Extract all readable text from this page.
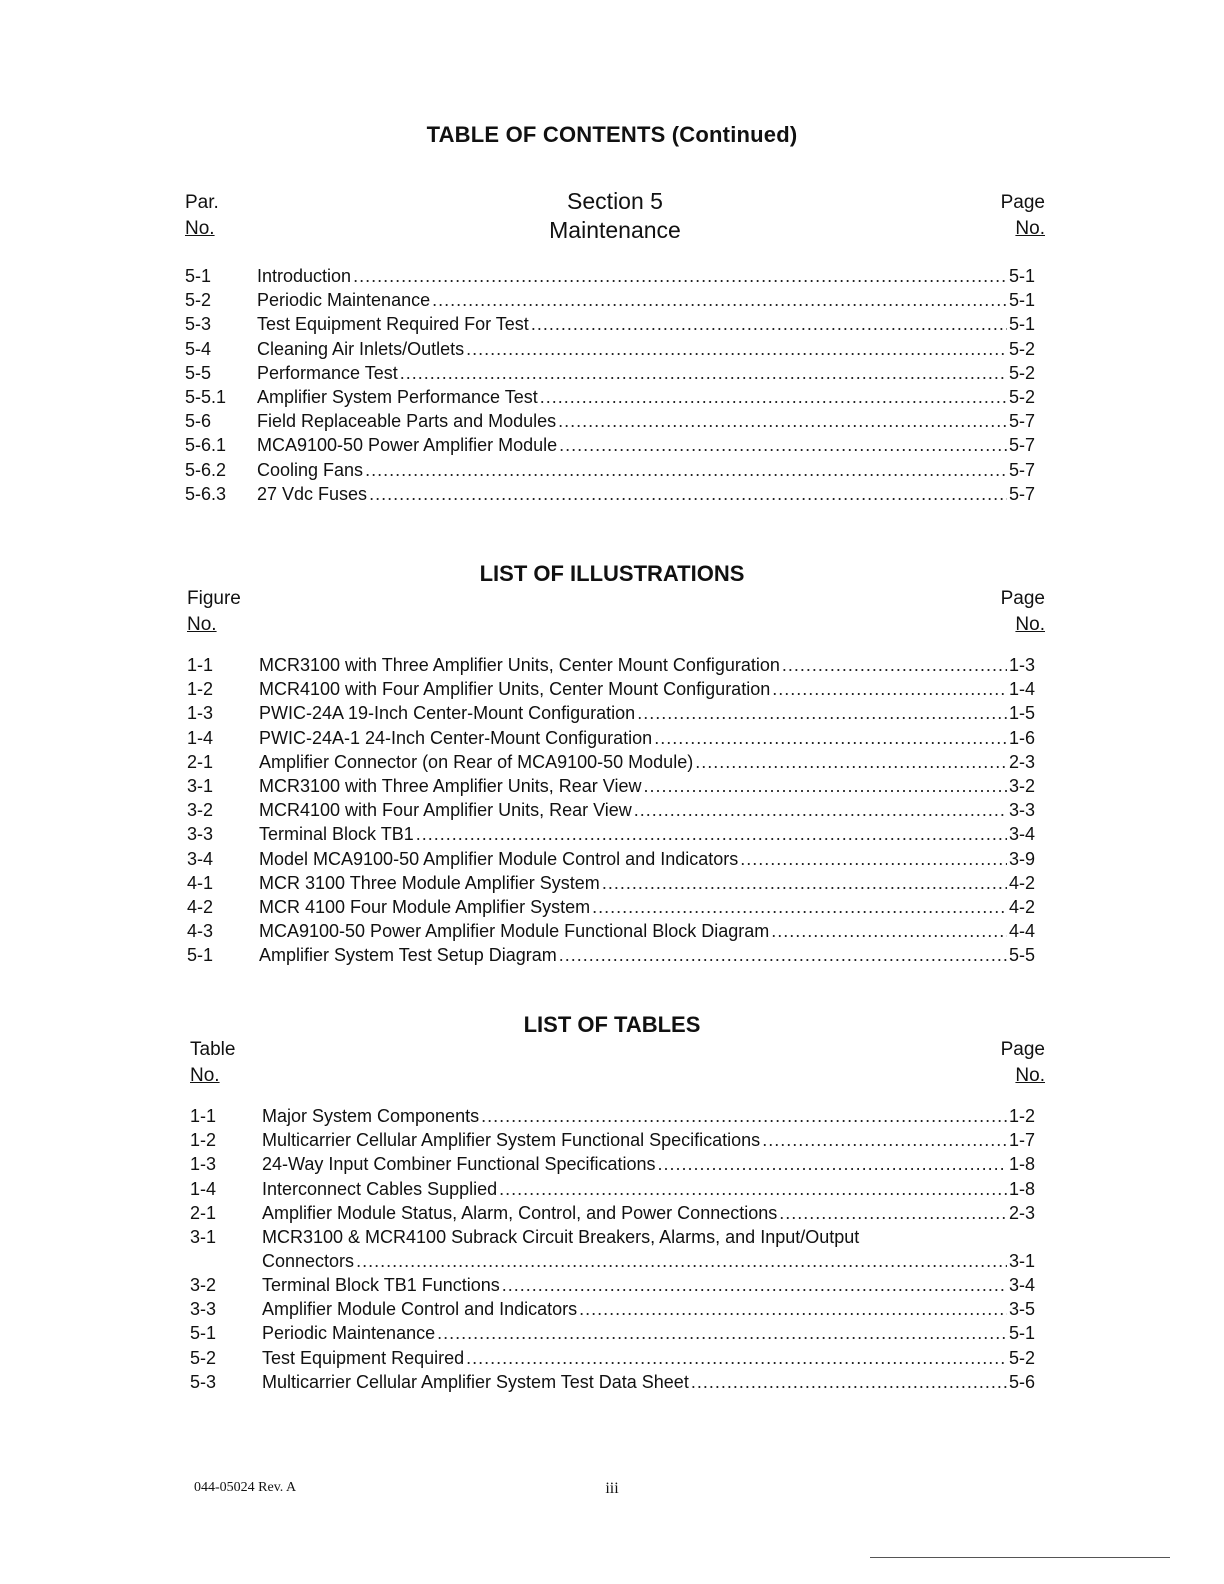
TABLE OF CONTENTS (Continued)
Par.
No.
Section 5
Maintenance
Page
No.
5-1	Introduction .....	5-1
5-2	Periodic Maintenance .....	5-1
5-3	Test Equipment Required For Test .....	5-1
5-4	Cleaning Air Inlets/Outlets .....	5-2
5-5	Performance Test .....	5-2
5-5.1 Amplifier System Performance Test .....	5-2
5-6	Field Replaceable Parts and Modules .....	5-7
5-6.1 MCA9100-50 Power Amplifier Module .....	5-7
5-6.2 Cooling Fans .....	5-7
5-6.3 27 Vdc Fuses .....	5-7
LIST OF ILLUSTRATIONS
Figure
No.
Page
No.
1-1	MCR3100 with Three Amplifier Units, Center Mount Configuration .....	1-3
1-2	MCR4100 with Four Amplifier Units, Center Mount Configuration .....	1-4
1-3	PWIC-24A 19-Inch Center-Mount Configuration .....	1-5
1-4	PWIC-24A-1 24-Inch Center-Mount Configuration .....	1-6
2-1	Amplifier Connector (on Rear of MCA9100-50 Module) .....	2-3
3-1	MCR3100 with Three Amplifier Units, Rear View .....	3-2
3-2	MCR4100 with Four Amplifier Units, Rear View .....	3-3
3-3	Terminal Block TB1 .....	3-4
3-4	Model MCA9100-50 Amplifier Module Control and Indicators .....	3-9
4-1	MCR 3100 Three Module Amplifier System .....	4-2
4-2	MCR 4100 Four Module Amplifier System .....	4-2
4-3	MCA9100-50 Power Amplifier Module Functional Block Diagram .....	4-4
5-1	Amplifier System Test Setup Diagram .....	5-5
LIST OF TABLES
Table
No.
Page
No.
1-1	Major System Components .....	1-2
1-2	Multicarrier Cellular Amplifier System Functional Specifications .....	1-7
1-3	24-Way Input Combiner Functional Specifications .....	1-8
1-4	Interconnect Cables Supplied .....	1-8
2-1	Amplifier Module Status, Alarm, Control, and Power Connections .....	2-3
3-1	MCR3100 & MCR4100 Subrack Circuit Breakers, Alarms, and Input/Output
Connectors .....	3-1
3-2	Terminal Block TB1 Functions .....	3-4
3-3	Amplifier Module Control and Indicators .....	3-5
5-1	Periodic Maintenance .....	5-1
5-2	Test Equipment Required .....	5-2
5-3	Multicarrier Cellular Amplifier System Test Data Sheet .....	5-6
044-05024 Rev. A	iii
